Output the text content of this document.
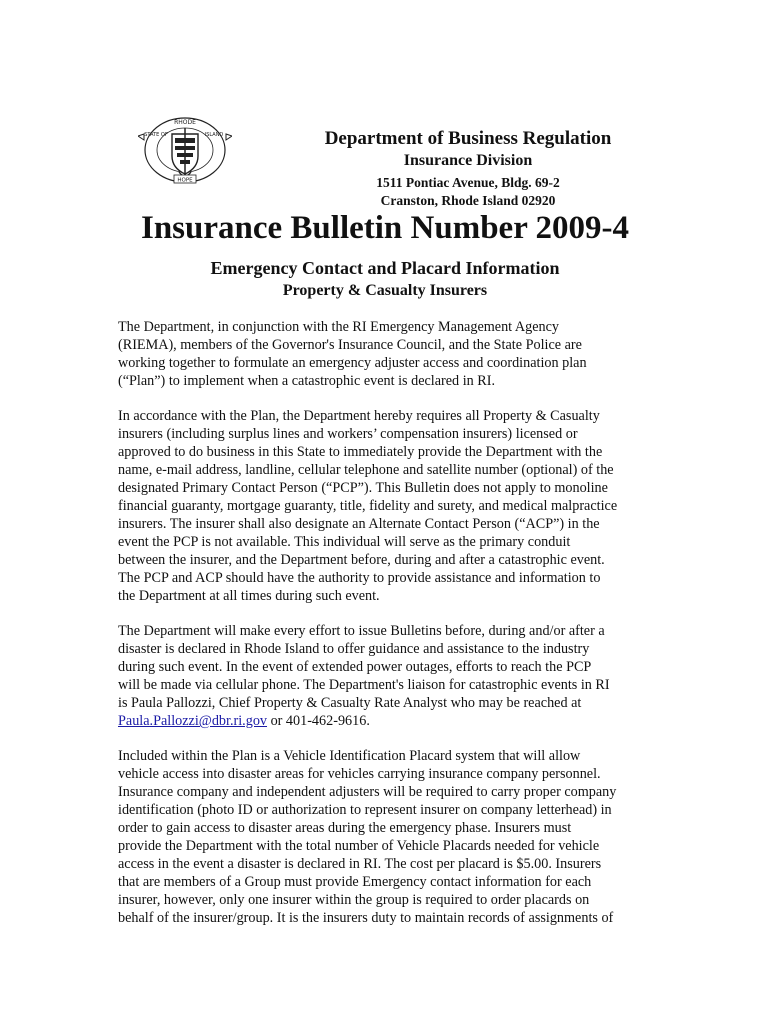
RHODE
STATE OF	ISLAND
HOPE
Department of Business Regulation
Insurance Division
1511 Pontiac Avenue, Bldg. 69-2
Cranston, Rhode Island 02920
Insurance Bulletin Number 2009-4
Emergency Contact and Placard Information
Property & Casualty Insurers

The Department, in conjunction with the RI Emergency Management Agency
(RIEMA), members of the Governor's Insurance Council, and the State Police are
working together to formulate an emergency adjuster access and coordination plan
(“Plan”) to implement when a catastrophic event is declared in RI.

In accordance with the Plan, the Department hereby requires all Property & Casualty
insurers (including surplus lines and workers’ compensation insurers) licensed or
approved to do business in this State to immediately provide the Department with the
name, e-mail address, landline, cellular telephone and satellite number (optional) of the
designated Primary Contact Person (“PCP”). This Bulletin does not apply to monoline
financial guaranty, mortgage guaranty, title, fidelity and surety, and medical malpractice
insurers. The insurer shall also designate an Alternate Contact Person (“ACP”) in the
event the PCP is not available. This individual will serve as the primary conduit
between the insurer, and the Department before, during and after a catastrophic event.
The PCP and ACP should have the authority to provide assistance and information to
the Department at all times during such event.

The Department will make every effort to issue Bulletins before, during and/or after a
disaster is declared in Rhode Island to offer guidance and assistance to the industry
during such event. In the event of extended power outages, efforts to reach the PCP
will be made via cellular phone. The Department's liaison for catastrophic events in RI
is Paula Pallozzi, Chief Property & Casualty Rate Analyst who may be reached at
Paula.Pallozzi@dbr.ri.gov or 401-462-9616.

Included within the Plan is a Vehicle Identification Placard system that will allow
vehicle access into disaster areas for vehicles carrying insurance company personnel.
Insurance company and independent adjusters will be required to carry proper company
identification (photo ID or authorization to represent insurer on company letterhead) in
order to gain access to disaster areas during the emergency phase. Insurers must
provide the Department with the total number of Vehicle Placards needed for vehicle
access in the event a disaster is declared in RI. The cost per placard is $5.00. Insurers
that are members of a Group must provide Emergency contact information for each
insurer, however, only one insurer within the group is required to order placards on
behalf of the insurer/group. It is the insurers duty to maintain records of assignments of
